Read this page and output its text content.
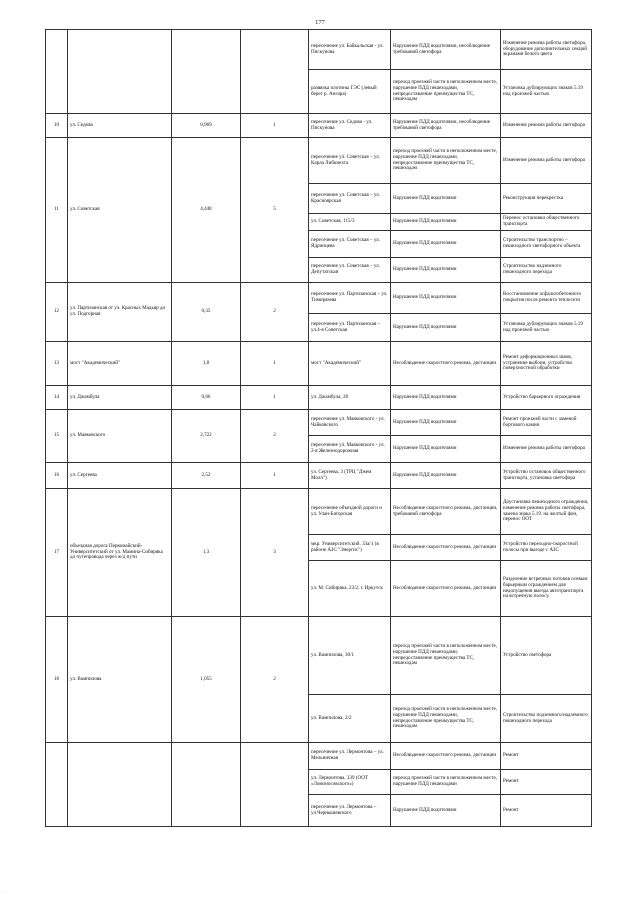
177
				пересечение ул. Байкальская - ул. Пискунова	Нарушение ПДД водителями, несоблюдение требований светофора	Изменение режима работы светофора, оборудование дополнительных секций экранами белого цвета
				развязка плотины ГЭС (левый берег р. Ангара)	переход проезжей части в неположенном месте, нарушение ПДД пешеходами, непредоставление преимущества ТС, пешеходам	Установка дублирующих знаков 5.19 над проезжей частью
10	ул. Седова	0,969	1	пересечение ул. Седова - ул. Пискунова	Нарушение ПДД водителями, несоблюдение требований светофора	Изменение режима работы светофора
11	ул. Советская	4,448	5	пересечение ул. Советская – ул. Карла Либкнехта	переход проезжей части в неположенном месте, нарушение ПДД пешеходами, непредоставление преимущества ТС, пешеходам	Изменение режима работы светофора
				пересечение ул. Советская – ул. Красноярская	Нарушение ПДД водителями	Реконструкция перекрестка
				ул. Советская, 115/3	Нарушение ПДД водителями	Перенос остановки общественного транспорта
				пересечение ул. Советская – ул. Ядринцева	Нарушение ПДД водителями	Строительство транспортно – пешеходного светофорного объекта
				пересечение ул. Советская – ул. Депутатская	Нарушение ПДД водителями	Строительство надземного пешеходного перехода
12	ул. Партизанская от ул. Красных Мадьяр до ул. Подгорная	0,35	2	пересечение ул. Партизанская – ул. Тимирязева	Нарушение ПДД водителями	Восстановление асфальтобетонного покрытия после ремонта теплосети
				пересечение ул. Партизанская – ул.4-я Советская	Нарушение ПДД водителями	Установка дублирующих знаков 5.19 над проезжей частью
13	мост "Академический"	1,8	1	мост "Академический"	Несоблюдение скоростного режима, дистанции	Ремонт деформационных швов, устранение выбоин, устройство поверхностной обработки
14	ул. Джамбула	0,66	1	ул. Джамбула, 28	Нарушение ПДД водителями	Устройство барьерного ограждения
15	ул. Маяковского	2,722	2	пересечение ул. Маяковского - ул. Чайковского	Нарушение ПДД водителями	Ремонт проезжей части с заменой бортового камня
				пересечение ул. Маяковского - ул. 2-я Железнодорожная	Нарушение ПДД водителями	Изменение режима работы светофора
16	ул. Сергеева	2,52	1	ул. Сергеева, 3 (ТРЦ "Джем Молл")	Нарушение ПДД водителями	Устройство остановок общественного транспорта, установка светофора
17	объездная дорога Первомайский-Университетский от ул. Мамина-Сибиряка до путепровода через ж/д пути	1,3	3	пересечение объездной дороги и ул. Улан-Баторская	Несоблюдение скоростного режима, дистанции, требований светофора	Доустановка пешеходного ограждения, изменение режима работы светофора, замена знака 5.19. на желтый фон, перенос ООТ
				мкр. Университетский, 33а/1 (в районе АЗС "Энергис")	Несоблюдение скоростного режима, дистанции	Устройство переходно-скоростной полосы при выезде с АЗС
				ул. М. Сибиряка, 23/2, г. Иркутск	Несоблюдение скоростного режима, дистанции	Разделение встречных потоков осевым барьерным ограждением для недопущения выезда автотранспорта на встречную полосу.
18	ул. Вампилова	1,055	2	ул. Вампилова, 30/1	переход проезжей части в неположенном месте, нарушение ПДД пешеходами, непредоставление преимущества ТС, пешеходам	Устройство светофора
				ул. Вампилова, 2/2	переход проезжей части в неположенном месте, нарушение ПДД пешеходами, непредоставление преимущества ТС, пешеходам	Строительство подземного/надземного пешеходного перехода
				пересечение ул. Лермонтова – ул. Мельничная	Несоблюдение скоростного режима, дистанции	Ремонт
				ул. Лермонтова, 339 (ООТ «Ломоносовского»)	переход проезжей части в неположенном месте, нарушение ПДД пешеходами	Ремонт
				пересечение ул. Лермонтова – ул.Чернышевского	Нарушение ПДД водителями	Ремонт
·
